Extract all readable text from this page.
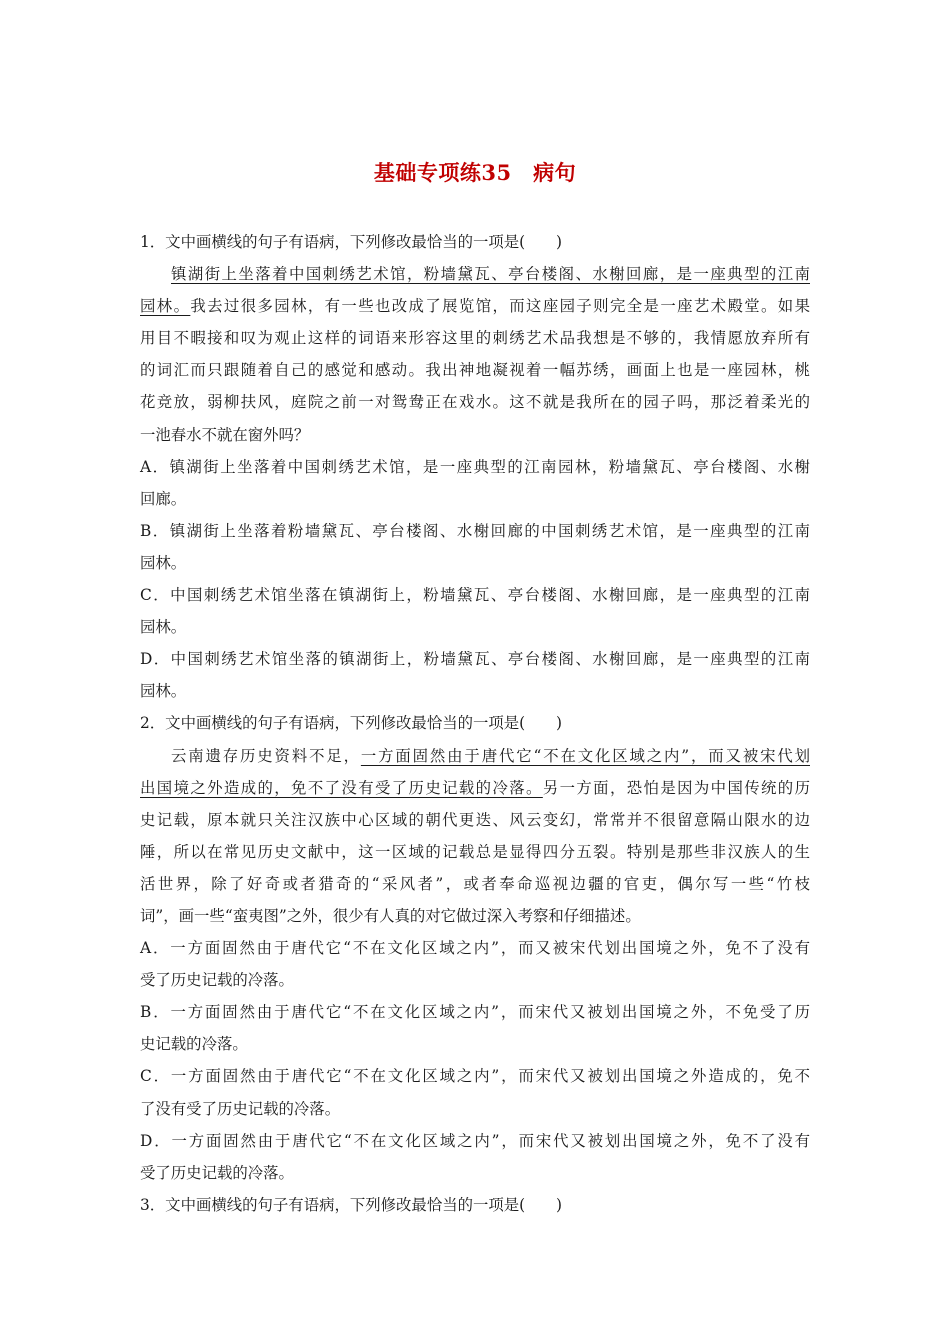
基础专项练35　病句
1．文中画横线的句子有语病，下列修改最恰当的一项是(　　)
镇湖街上坐落着中国刺绣艺术馆，粉墙黛瓦、亭台楼阁、水榭回廊，是一座典型的江南
园林。我去过很多园林，有一些也改成了展览馆，而这座园子则完全是一座艺术殿堂。如果
用目不暇接和叹为观止这样的词语来形容这里的刺绣艺术品我想是不够的，我情愿放弃所有
的词汇而只跟随着自己的感觉和感动。我出神地凝视着一幅苏绣，画面上也是一座园林，桃
花竞放，弱柳扶风，庭院之前一对鸳鸯正在戏水。这不就是我所在的园子吗，那泛着柔光的
一池春水不就在窗外吗？
A．镇湖街上坐落着中国刺绣艺术馆，是一座典型的江南园林，粉墙黛瓦、亭台楼阁、水榭
回廊。
B．镇湖街上坐落着粉墙黛瓦、亭台楼阁、水榭回廊的中国刺绣艺术馆，是一座典型的江南
园林。
C．中国刺绣艺术馆坐落在镇湖街上，粉墙黛瓦、亭台楼阁、水榭回廊，是一座典型的江南
园林。
D．中国刺绣艺术馆坐落的镇湖街上，粉墙黛瓦、亭台楼阁、水榭回廊，是一座典型的江南
园林。
2．文中画横线的句子有语病，下列修改最恰当的一项是(　　)
云南遗存历史资料不足，一方面固然由于唐代它“不在文化区域之内”，而又被宋代划
出国境之外造成的，免不了没有受了历史记载的冷落。另一方面，恐怕是因为中国传统的历
史记载，原本就只关注汉族中心区域的朝代更迭、风云变幻，常常并不很留意隔山限水的边
陲，所以在常见历史文献中，这一区域的记载总是显得四分五裂。特别是那些非汉族人的生
活世界，除了好奇或者猎奇的“采风者”，或者奉命巡视边疆的官吏，偶尔写一些“竹枝
词”，画一些“蛮夷图”之外，很少有人真的对它做过深入考察和仔细描述。
A．一方面固然由于唐代它“不在文化区域之内”，而又被宋代划出国境之外，免不了没有
受了历史记载的冷落。
B．一方面固然由于唐代它“不在文化区域之内”，而宋代又被划出国境之外，不免受了历
史记载的冷落。
C．一方面固然由于唐代它“不在文化区域之内”，而宋代又被划出国境之外造成的，免不
了没有受了历史记载的冷落。
D．一方面固然由于唐代它“不在文化区域之内”，而宋代又被划出国境之外，免不了没有
受了历史记载的冷落。
3．文中画横线的句子有语病，下列修改最恰当的一项是(　　)
